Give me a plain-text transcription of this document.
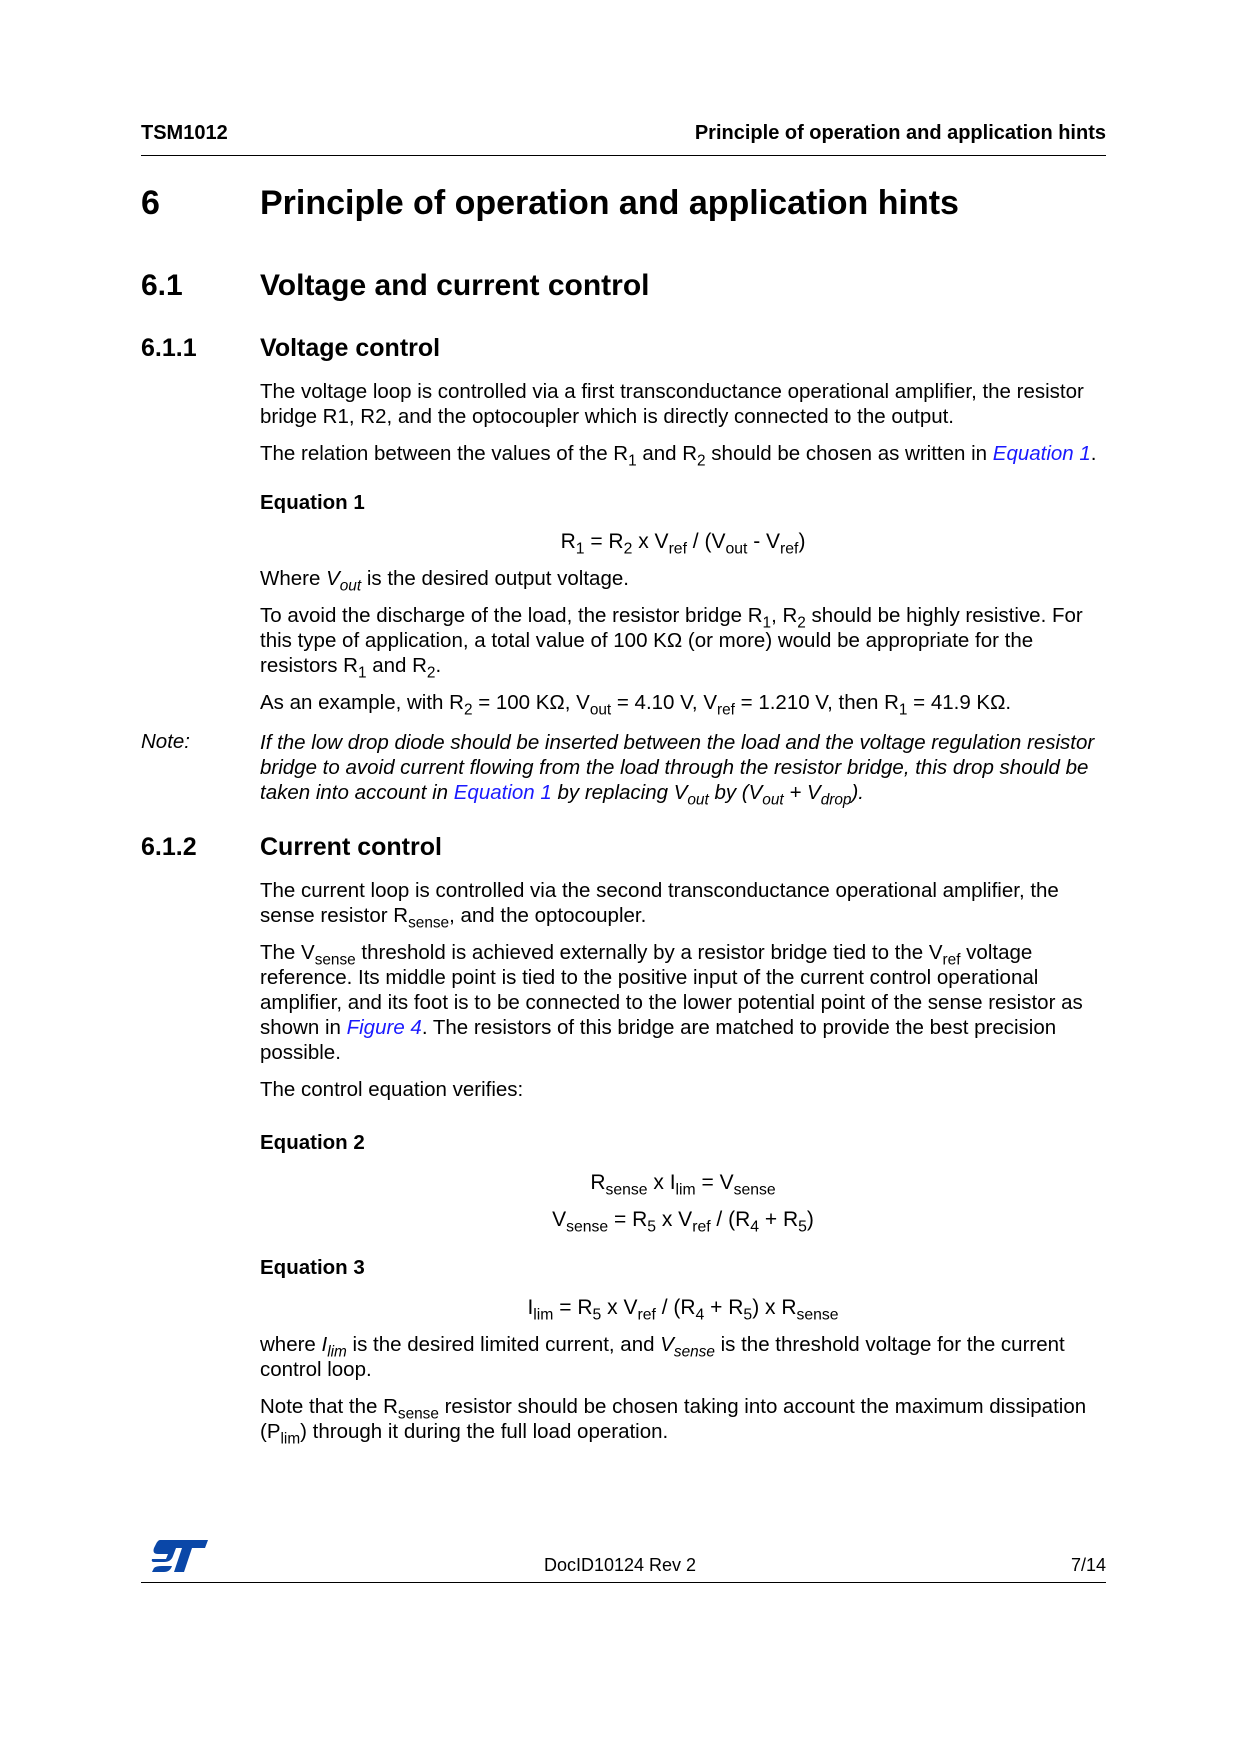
TSM1012	Principle of operation and application hints
6	Principle of operation and application hints
6.1	Voltage and current control
6.1.1	Voltage control

The voltage loop is controlled via a first transconductance operational amplifier, the resistor bridge R1, R2, and the optocoupler which is directly connected to the output.

The relation between the values of the $R_1$ and $R_2$ should be chosen as written in Equation 1.

Equation 1
$R_1 = R_2$ x $V_{ref} / (V_{out} - V_{ref})$

Where $V_{out}$ is the desired output voltage.

To avoid the discharge of the load, the resistor bridge $R_1$, $R_2$ should be highly resistive. For this type of application, a total value of 100 KΩ (or more) would be appropriate for the resistors $R_1$ and $R_2$.

As an example, with $R_2 = 100$ KΩ, $V_{out} = 4.10$ V, $V_{ref} = 1.210$ V, then $R_1 = 41.9$ KΩ.

Note:	If the low drop diode should be inserted between the load and the voltage regulation resistor bridge to avoid current flowing from the load through the resistor bridge, this drop should be taken into account in Equation 1 by replacing $V_{out}$ by $(V_{out} + V_{drop})$.
6.1.2	Current control

The current loop is controlled via the second transconductance operational amplifier, the sense resistor $R_{sense}$, and the optocoupler.

The $V_{sense}$ threshold is achieved externally by a resistor bridge tied to the $V_{ref}$ voltage reference. Its middle point is tied to the positive input of the current control operational amplifier, and its foot is to be connected to the lower potential point of the sense resistor as shown in Figure 4. The resistors of this bridge are matched to provide the best precision possible.

The control equation verifies:

Equation 2
$R_{sense}$ x $I_{lim} = V_{sense}$
$V_{sense} = R_5$ x $V_{ref} / (R_4 + R_5)$
Equation 3
$I_{lim} = R_5$ x $V_{ref} / (R_4 + R_5)$ x $R_{sense}$

where $I_{lim}$ is the desired limited current, and $V_{sense}$ is the threshold voltage for the current control loop.

Note that the $R_{sense}$ resistor should be chosen taking into account the maximum dissipation $(P_{lim})$ through it during the full load operation.

DocID10124 Rev 2	7/14
